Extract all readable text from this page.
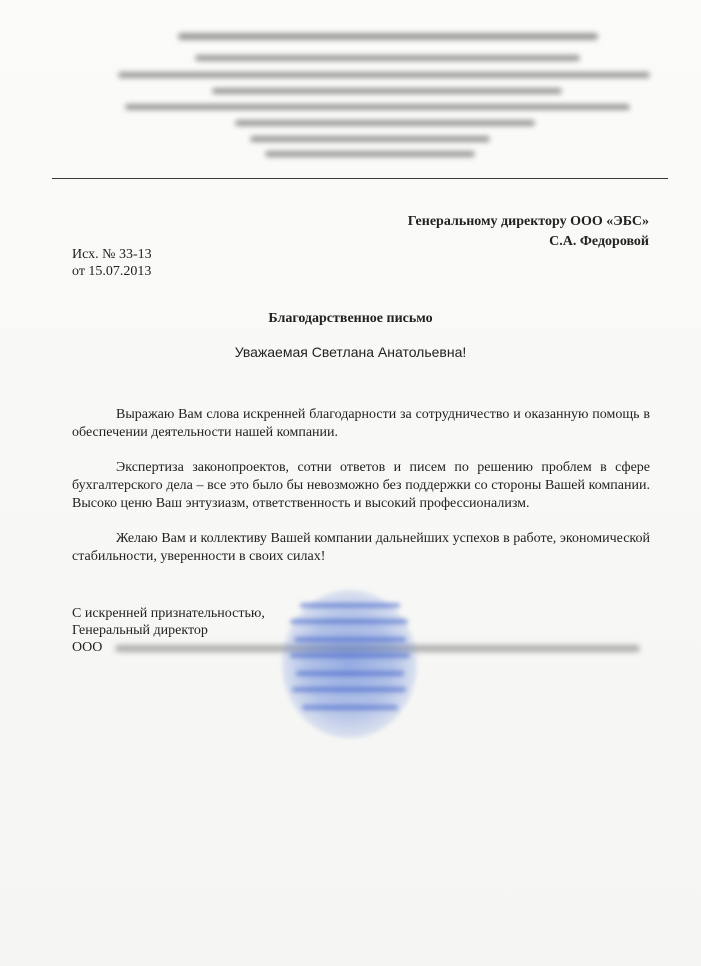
Генеральному директору ООО «ЭБС»
С.А. Федоровой
Исх. № 33-13
от 15.07.2013
Благодарственное письмо
Уважаемая Светлана Анатольевна!

Выражаю Вам слова искренней благодарности за сотрудничество и оказанную помощь в обеспечении деятельности нашей компании.

Экспертиза законопроектов, сотни ответов и писем по решению проблем в сфере бухгалтерского дела – все это было бы невозможно без поддержки со стороны Вашей компании. Высоко ценю Ваш энтузиазм, ответственность и высокий профессионализм.

Желаю Вам и коллективу Вашей компании дальнейших успехов в работе, экономической стабильности, уверенности в своих силах!

С искренней признательностью,
Генеральный директор
ООО
